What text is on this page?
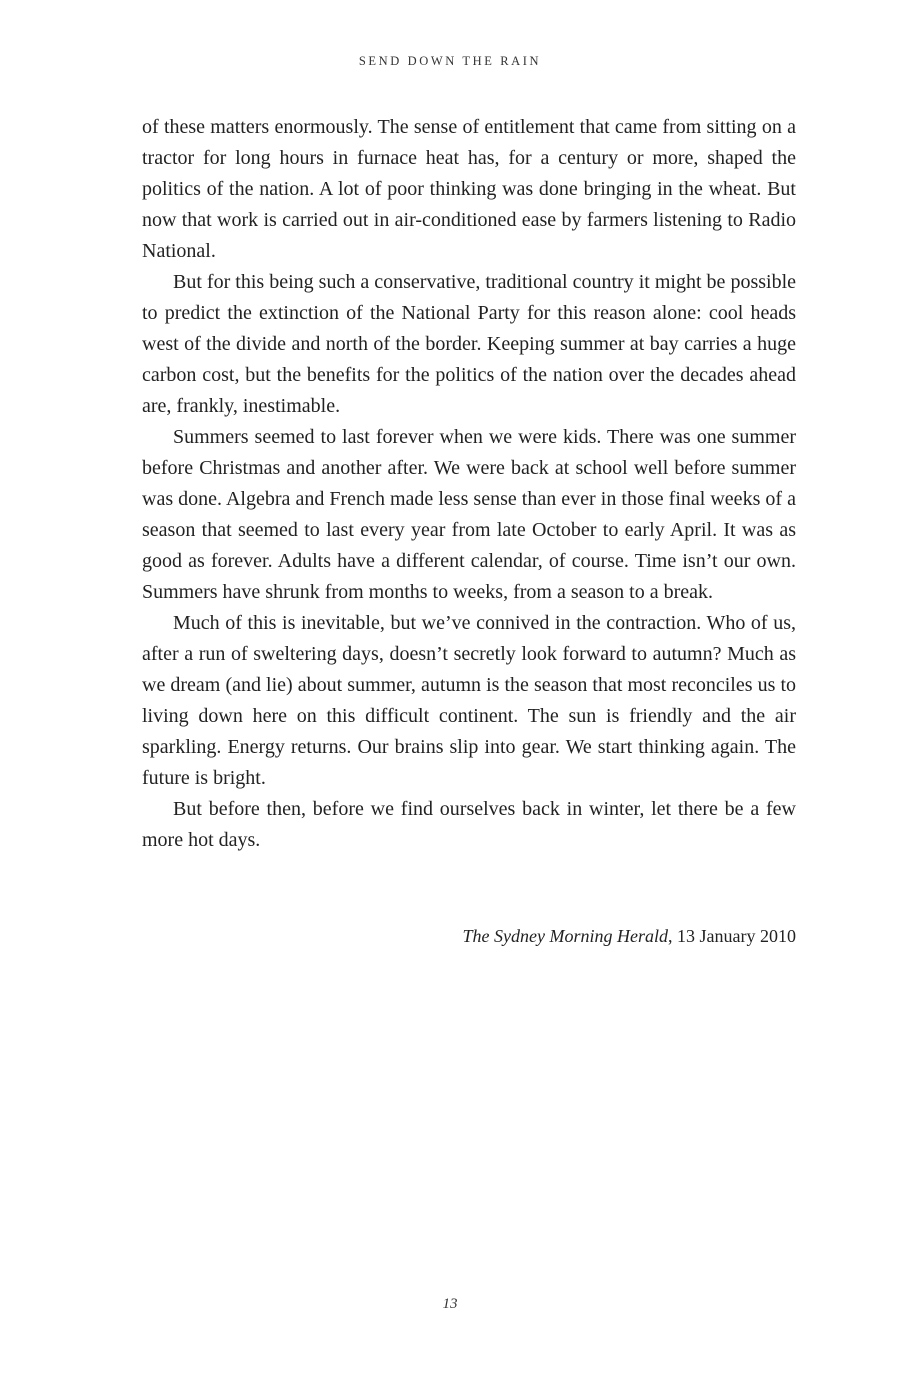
SEND DOWN THE RAIN

of these matters enormously. The sense of entitlement that came from sitting on a tractor for long hours in furnace heat has, for a century or more, shaped the politics of the nation. A lot of poor thinking was done bringing in the wheat. But now that work is carried out in air-conditioned ease by farmers listening to Radio National.

But for this being such a conservative, traditional country it might be possible to predict the extinction of the National Party for this reason alone: cool heads west of the divide and north of the border. Keeping summer at bay carries a huge carbon cost, but the benefits for the politics of the nation over the decades ahead are, frankly, inestimable.

Summers seemed to last forever when we were kids. There was one summer before Christmas and another after. We were back at school well before summer was done. Algebra and French made less sense than ever in those final weeks of a season that seemed to last every year from late October to early April. It was as good as forever. Adults have a different calendar, of course. Time isn’t our own. Summers have shrunk from months to weeks, from a season to a break.

Much of this is inevitable, but we’ve connived in the contraction. Who of us, after a run of sweltering days, doesn’t secretly look forward to autumn? Much as we dream (and lie) about summer, autumn is the season that most reconciles us to living down here on this difficult continent. The sun is friendly and the air sparkling. Energy returns. Our brains slip into gear. We start thinking again. The future is bright.

But before then, before we find ourselves back in winter, let there be a few more hot days.

The Sydney Morning Herald, 13 January 2010
13
